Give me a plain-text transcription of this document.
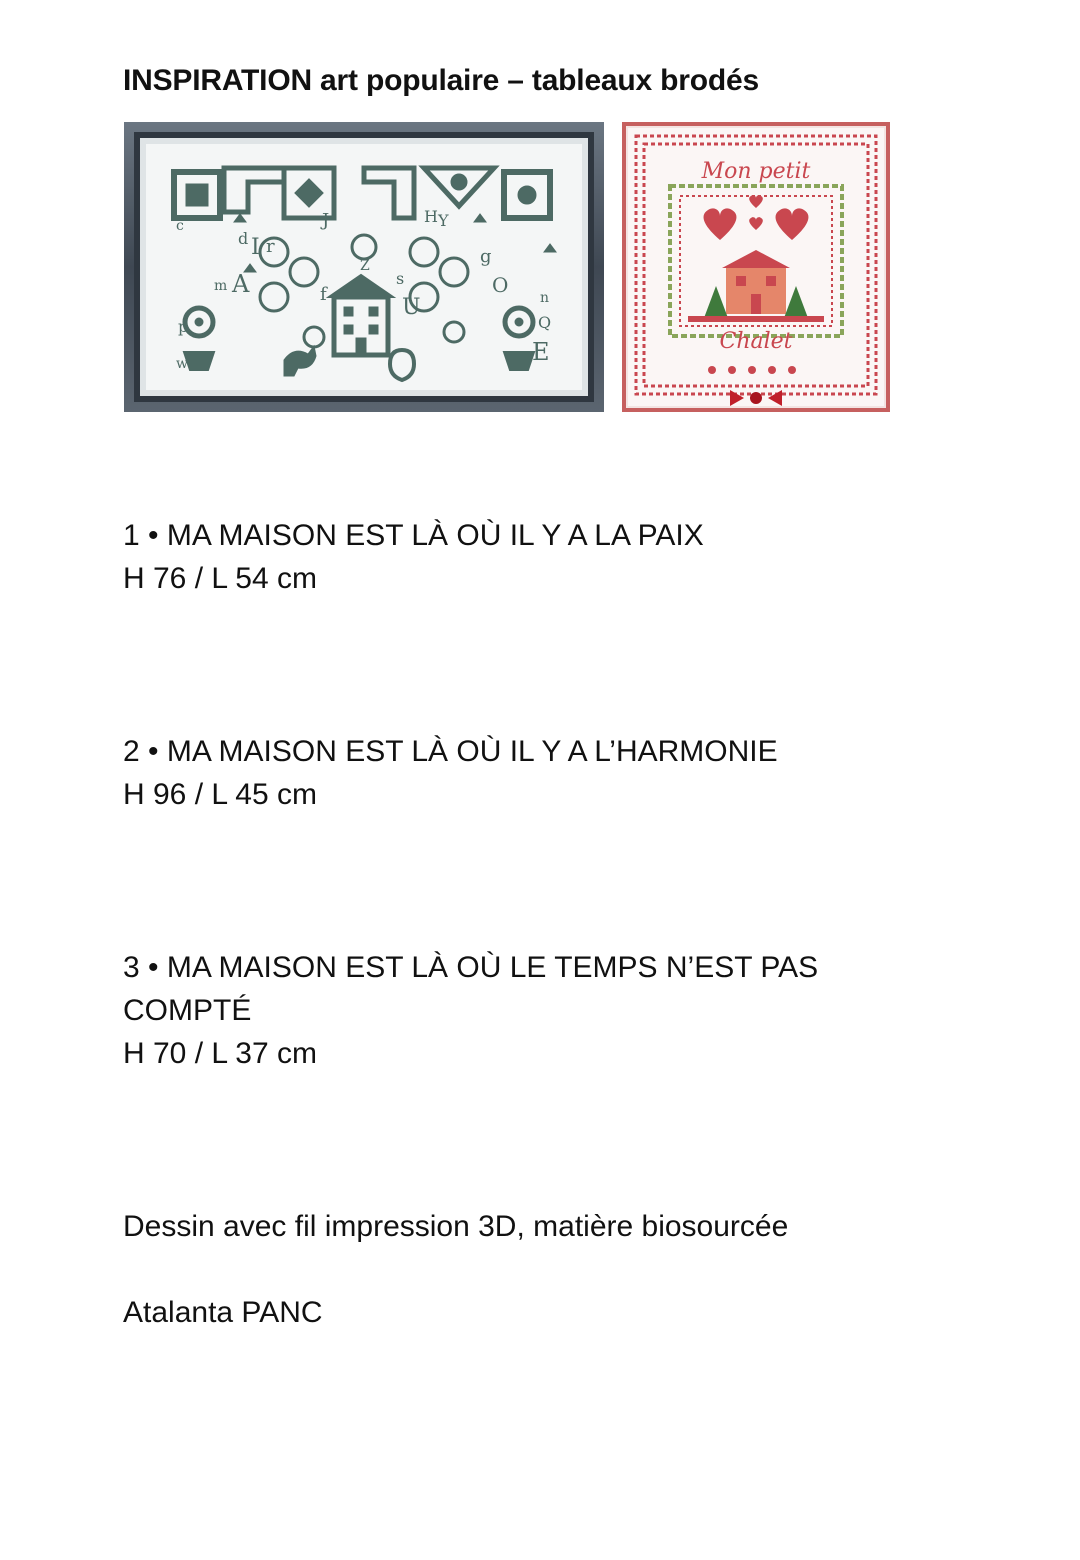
INSPIRATION art populaire – tableaux brodés
c
d I r
A
m
p
w
J
f
Z
s
U
H Y
g
O
n
Q
E
Mon petit
Chalet
1 • MA MAISON EST LÀ OÙ IL Y A LA PAIX
H 76 / L 54 cm
2 • MA MAISON EST LÀ OÙ IL Y A L’HARMONIE
H 96 / L 45 cm
3 • MA MAISON EST LÀ OÙ LE TEMPS N’EST PAS COMPTÉ
H 70 / L 37 cm

Dessin avec fil impression 3D, matière biosourcée

Atalanta PANC
